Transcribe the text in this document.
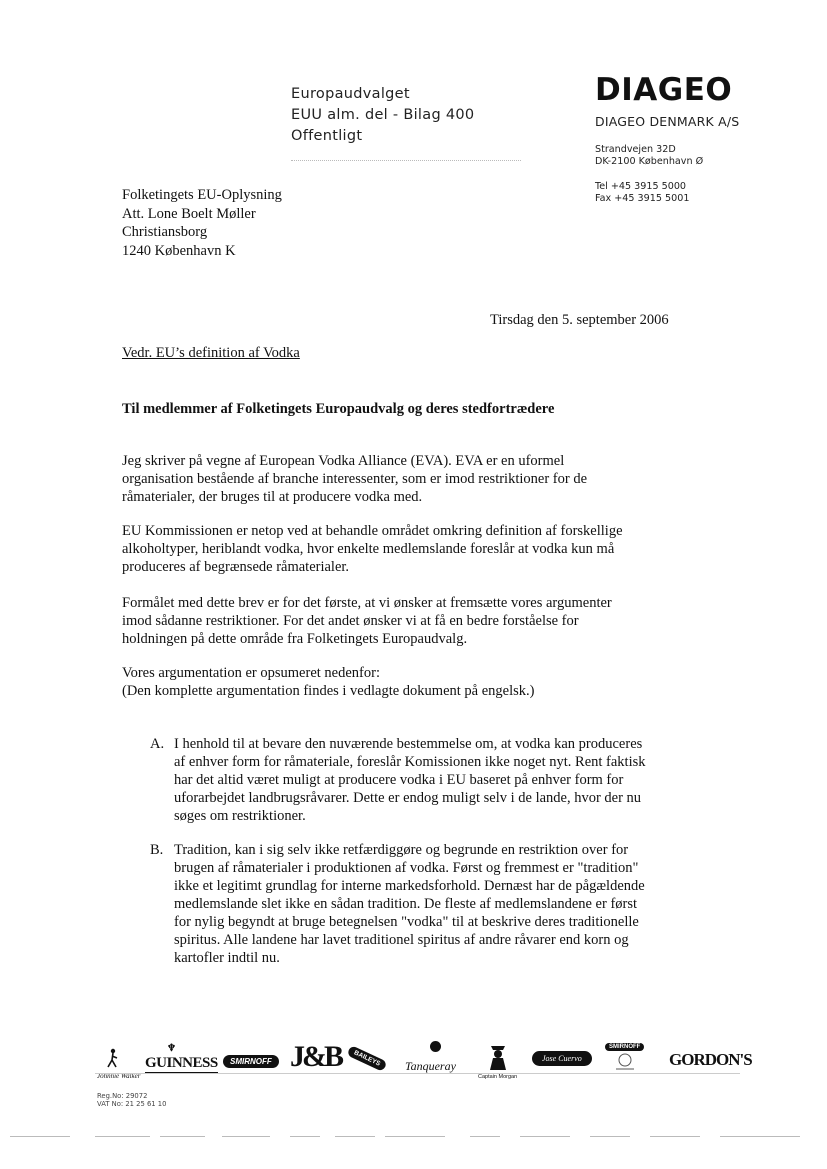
Europaudvalget
EUU alm. del - Bilag 400
Offentligt
DIAGEO
DIAGEO DENMARK A/S
Strandvejen 32D
DK-2100 København Ø
Tel +45 3915 5000
Fax +45 3915 5001
Folketingets EU-Oplysning
Att. Lone Boelt Møller
Christiansborg
1240 København K
Tirsdag den 5. september 2006
Vedr. EU’s definition af Vodka
Til medlemmer af Folketingets Europaudvalg og deres stedfortrædere
Jeg skriver på vegne af European Vodka Alliance (EVA). EVA er en uformel
organisation bestående af branche interessenter, som er imod restriktioner for de
råmaterialer, der bruges til at producere vodka med.
EU Kommissionen er netop ved at behandle området omkring definition af forskellige
alkoholtyper, heriblandt vodka, hvor enkelte medlemslande foreslår at vodka kun må
produceres af begrænsede råmaterialer.
Formålet med dette brev er for det første, at vi ønsker at fremsætte vores argumenter
imod sådanne restriktioner. For det andet ønsker vi at få en bedre forståelse for
holdningen på dette område fra Folketingets Europaudvalg.
Vores argumentation er opsumeret nedenfor:
(Den komplette argumentation findes i vedlagte dokument på engelsk.)
A. I henhold til at bevare den nuværende bestemmelse om, at vodka kan produceres
af enhver form for råmateriale, foreslår Komissionen ikke noget nyt. Rent faktisk
har det altid været muligt at producere vodka i EU baseret på enhver form for
uforarbejdet landbrugsråvarer. Dette er endog muligt selv i de lande, hvor der nu
søges om restriktioner.
B. Tradition, kan i sig selv ikke retfærdiggøre og begrunde en restriktion over for
brugen af råmaterialer i produktionen af vodka. Først og fremmest er "tradition"
ikke et legitimt grundlag for interne markedsforhold. Dernæst har de pågældende
medlemslande slet ikke en sådan tradition. De fleste af medlemslandene er først
for nylig begyndt at bruge betegnelsen "vodka" til at beskrive deres traditionelle
spiritus. Alle landene har lavet traditionel spiritus af andre råvarer end korn og
kartofler indtil nu.
Johnnie Walker
♆
GUINNESS	SMIRNOFF J&B	BAILEYS	Tanqueray
Captain Morgan
Jose Cuervo
SMIRNOFF
GORDON'S
Reg.No: 29072
VAT No: 21 25 61 10
